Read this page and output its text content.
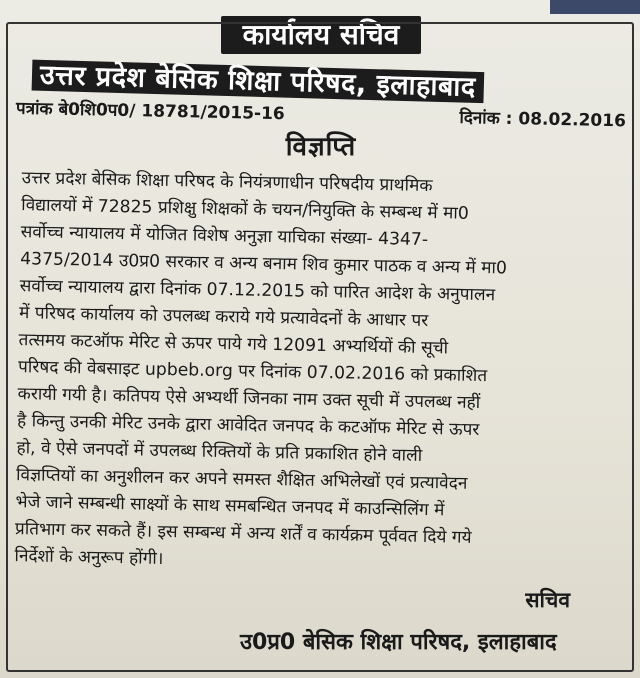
कार्यालय सचिव
उत्तर प्रदेश बेसिक शिक्षा परिषद, इलाहाबाद
पत्रांक बे0शि0प0/ 18781/2015-16	दिनांक : 08.02.2016
विज्ञप्ति
उत्तर प्रदेश बेसिक शिक्षा परिषद के नियंत्रणाधीन परिषदीय प्राथमिक
विद्यालयों में 72825 प्रशिक्षु शिक्षकों के चयन/नियुक्ति के सम्बन्ध में मा0
सर्वोच्च न्यायालय में योजित विशेष अनुज्ञा याचिका संख्या- 4347-
4375/2014 उ0प्र0 सरकार व अन्य बनाम शिव कुमार पाठक व अन्य में मा0
सर्वोच्च न्यायालय द्वारा दिनांक 07.12.2015 को पारित आदेश के अनुपालन
में परिषद कार्यालय को उपलब्ध कराये गये प्रत्यावेदनों के आधार पर
तत्समय कटऑफ मेरिट से ऊपर पाये गये 12091 अभ्यर्थियों की सूची
परिषद की वेबसाइट upbeb.org पर दिनांक 07.02.2016 को प्रकाशित
करायी गयी है। कतिपय ऐसे अभ्यर्थी जिनका नाम उक्त सूची में उपलब्ध नहीं
है किन्तु उनकी मेरिट उनके द्वारा आवेदित जनपद के कटऑफ मेरिट से ऊपर
हो, वे ऐसे जनपदों में उपलब्ध रिक्तियों के प्रति प्रकाशित होने वाली
विज्ञप्तियों का अनुशीलन कर अपने समस्त शैक्षित अभिलेखों एवं प्रत्यावेदन
भेजे जाने सम्बन्धी साक्ष्यों के साथ समबन्धित जनपद में काउन्सिलिंग में
प्रतिभाग कर सकते हैं। इस सम्बन्ध में अन्य शर्तें व कार्यक्रम पूर्ववत दिये गये
निर्देशों के अनुरूप होंगी।
सचिव
उ0प्र0 बेसिक शिक्षा परिषद, इलाहाबाद
